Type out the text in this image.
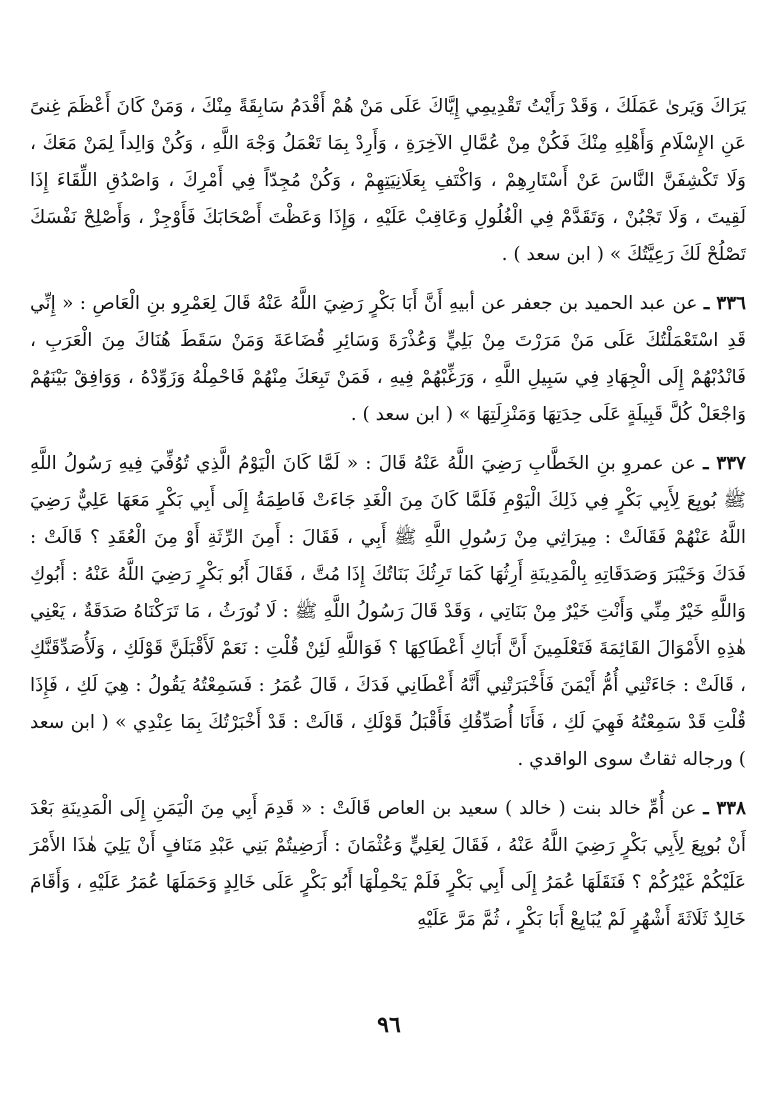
يَرَاكَ وَيَرىٰ عَمَلَكَ ، وَقَدْ رَأَيْتُ تَقْدِيمِي إِيَّاكَ عَلَى مَنْ هُمْ أَقْدَمُ سَابِقَةً مِنْكَ ، وَمَنْ كَانَ أَعْظَمَ غِنىً عَنِ الإِسْلَامِ وَأَهْلِهِ مِنْكَ فَكُنْ مِنْ عُمَّالِ الآخِرَةِ ، وَأَرِدْ بِمَا تَعْمَلُ وَجْهَ اللَّهِ ، وَكُنْ وَالِداً لِمَنْ مَعَكَ ، وَلَا تَكْشِفَنَّ النَّاسَ عَنْ أَسْتَارِهِمْ ، وَاكْتَفِ بِعَلَانِيَتِهِمْ ، وَكُنْ مُجِدّاً فِي أَمْرِكَ ، وَاصْدُقِ اللِّقَاءَ إِذَا لَقِيتَ ، وَلَا تَجْبُنْ ، وَتَقَدَّمْ فِي الْغُلُولِ وَعَاقِبْ عَلَيْهِ ، وَإِذَا وَعَظْتَ أَصْحَابَكَ فَأَوْجِزْ ، وَأَصْلِحْ نَفْسَكَ تَصْلُحْ لَكَ رَعِيَّتُكَ » ( ابن سعد ) .

٣٣٦ ـ عن عبد الحميد بن جعفر عن أبيهِ أَنَّ أَبَا بَكْرٍ رَضِيَ اللَّهُ عَنْهُ قَالَ لِعَمْرِو بنِ الْعَاصِ : « إِنِّي قَدِ اسْتَعْمَلْتُكَ عَلَى مَنْ مَرَرْتَ مِنْ بَلِيٍّ وَعُذْرَةَ وَسَائِرِ قُضَاعَةَ وَمَنْ سَقَطَ هُنَاكَ مِنَ الْعَرَبِ ، فَانْدُبْهُمْ إِلَى الْجِهَادِ فِي سَبِيلِ اللَّهِ ، وَرَغِّبْهُمْ فِيهِ ، فَمَنْ تَبِعَكَ مِنْهُمْ فَاحْمِلْهُ وَزَوِّدْهُ ، وَوَافِقْ بَيْنَهُمْ وَاجْعَلْ كُلَّ قَبِيلَةٍ عَلَى حِدَتِهَا وَمَنْزِلَتِهَا » ( ابن سعد ) .

٣٣٧ ـ عن عمروِ بنِ الخَطَّابِ رَضِيَ اللَّهُ عَنْهُ قَالَ : « لَمَّا كَانَ الْيَوْمُ الَّذِي تُوُفِّيَ فِيهِ رَسُولُ اللَّهِ ﷺ بُويِعَ لِأَبِي بَكْرٍ فِي ذَلِكَ الْيَوْمِ فَلَمَّا كَانَ مِنَ الْغَدِ جَاءَتْ فَاطِمَةُ إِلَى أَبِي بَكْرٍ مَعَهَا عَلِيٌّ رَضِيَ اللَّهُ عَنْهُمْ فَقَالَتْ : مِيرَاثِي مِنْ رَسُولِ اللَّهِ ﷺ أَبِي ، فَقَالَ : أَمِنَ الرِّثَةِ أَوْ مِنَ الْعُقَدِ ؟ قَالَتْ : فَدَكَ وَخَيْبَرَ وَصَدَقَاتِهِ بِالْمَدِينَةِ أَرِثُهَا كَمَا تَرِثُكَ بَنَاتُكَ إِذَا مُتَّ ، فَقَالَ أَبُو بَكْرٍ رَضِيَ اللَّهُ عَنْهُ : أَبُوكِ وَاللَّهِ خَيْرٌ مِنِّي وَأَنْتِ خَيْرٌ مِنْ بَنَاتِي ، وَقَدْ قَالَ رَسُولُ اللَّهِ ﷺ : لَا نُورَثُ ، مَا تَرَكْنَاهُ صَدَقَةٌ ، يَعْنِي هٰذِهِ الأَمْوَالَ القَائِمَةَ فَتَعْلَمِينَ أَنَّ أَبَاكِ أَعْطَاكِهَا ؟ فَوَاللَّهِ لَئِنْ قُلْتِ : نَعَمْ لَأَقْبَلَنَّ قَوْلَكِ ، وَلَأُصَدِّقَنَّكِ ، قَالَتْ : جَاءَتْنِي أُمُّ أَيْمَنَ فَأَخْبَرَتْنِي أَنَّهُ أَعْطَانِي فَدَكَ ، قَالَ عُمَرُ : فَسَمِعْتُهُ يَقُولُ : هِيَ لَكِ ، فَإِذَا قُلْتِ قَدْ سَمِعْتُهُ فَهِيَ لَكِ ، فَأَنَا أُصَدِّقُكِ فَأَقْبَلُ قَوْلَكِ ، قَالَتْ : قَدْ أَخْبَرْتُكَ بِمَا عِنْدِي » ( ابن سعد ) ورجاله ثقاتٌ سوى الواقدي .

٣٣٨ ـ عن أُمِّ خالد بنت ( خالد ) سعيد بن العاص قَالَتْ : « قَدِمَ أَبِي مِنَ الْيَمَنِ إِلَى الْمَدِينَةِ بَعْدَ أَنْ بُويِعَ لِأَبِي بَكْرٍ رَضِيَ اللَّهُ عَنْهُ ، فَقَالَ لِعَلِيٍّ وَعُثْمَانَ : أَرَضِيتُمْ بَنِي عَبْدِ مَنَافٍ أَنْ يَلِيَ هٰذَا الأَمْرَ عَلَيْكُمْ غَيْرُكُمْ ؟ فَنَقَلَهَا عُمَرُ إِلَى أَبِي بَكْرٍ فَلَمْ يَحْمِلْهَا أَبُو بَكْرٍ عَلَى خَالِدٍ وَحَمَلَهَا عُمَرُ عَلَيْهِ ، وَأَقَامَ خَالِدٌ ثَلَاثَةَ أَشْهُرٍ لَمْ يُبَايِعْ أَبَا بَكْرٍ ، ثُمَّ مَرَّ عَلَيْهِ

٩٦
